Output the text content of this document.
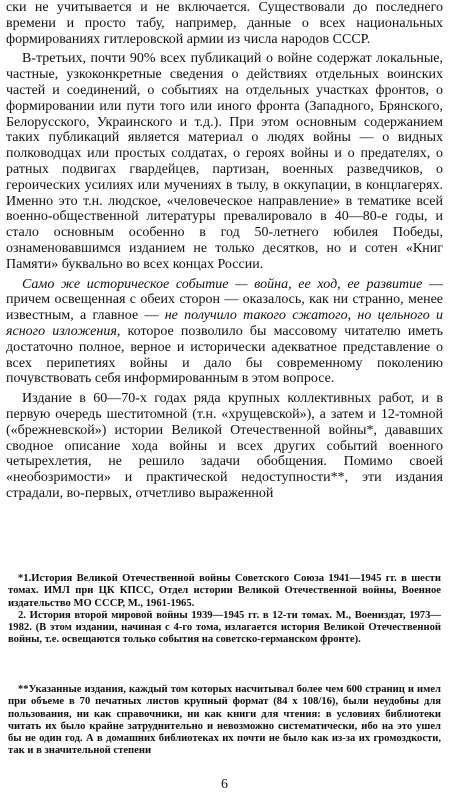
ски не учитывается и не включается. Существовали до последнего времени и просто табу, например, данные о всех национальных формированиях гитлеровской армии из числа народов СССР.

В-третьих, почти 90% всех публикаций о войне содержат локальные, частные, узкоконкретные сведения о действиях отдельных воинских частей и соединений, о событиях на отдельных участках фронтов, о формировании или пути того или иного фронта (Западного, Брянского, Белорусского, Украинского и т.д.). При этом основным содержанием таких публикаций является материал о людях войны — о видных полководцах или простых солдатах, о героях войны и о предателях, о ратных подвигах гвардейцев, партизан, военных разведчиков, о героических усилиях или мучениях в тылу, в оккупации, в концлагерях. Именно это т.н. людское, «человеческое направление» в тематике всей военно-общественной литературы превалировало в 40—80-е годы, и стало основным особенно в год 50-летнего юбилея Победы, ознаменовавшимся изданием не только десятков, но и сотен «Книг Памяти» буквально во всех концах России.

Само же историческое событие — война, ее ход, ее развитие — причем освещенная с обеих сторон — оказалось, как ни странно, менее известным, а главное — не получило такого сжатого, но цельного и ясного изложения, которое позволило бы массовому читателю иметь достаточно полное, верное и исторически адекватное представление о всех перипетиях войны и дало бы современному поколению почувствовать себя информированным в этом вопросе.

Издание в 60—70-х годах ряда крупных коллективных работ, и в первую очередь шеститомной (т.н. «хрущевской»), а затем и 12-томной («брежневской») истории Великой Отечественной войны*, дававших сводное описание хода войны и всех других событий военного четырехлетия, не решило задачи обобщения. Помимо своей «необозримости» и практической недоступности**, эти издания страдали, во-первых, отчетливо выраженной

*1.История Великой Отечественной войны Советского Союза 1941—1945 гг. в шести томах. ИМЛ при ЦК КПСС, Отдел истории Великой Отечественной войны, Военное издательство МО СССР, М., 1961-1965.

2. История второй мировой войны 1939—1945 гг. в 12-ти томах. М., Воениздат, 1973—1982. (В этом издании, начиная с 4-го тома, излагается история Великой Отечественной войны, т.е. освещаются только события на советско-германском фронте).

**Указанные издания, каждый том которых насчитывал более чем 600 страниц и имел при объеме в 70 печатных листов крупный формат (84 х 108/16), были неудобны для пользования, ни как справочники, ни как книги для чтения: в условиях библиотеки читать их было крайне затруднительно и невозможно систематически, ибо на это ушел бы не один год. А в домашних библиотеках их почти не было как из-за их громоздкости, так и в значительной степени

6
